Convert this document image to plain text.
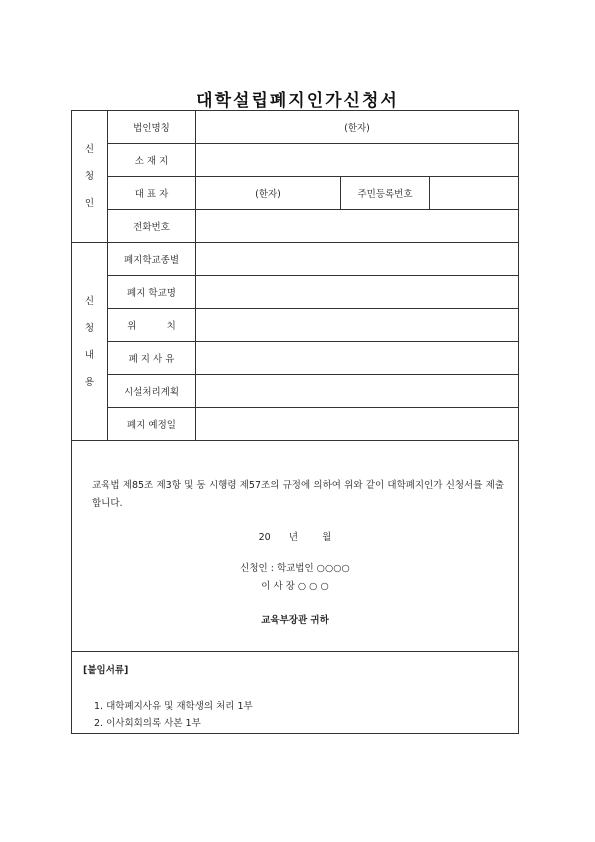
대학설립폐지인가신청서
신
청
인	법인명칭	(한자)		
	소 재 지			
	대 표 자	(한자)	주민등록번호	
	전화번호			

신
청
내
용	폐지학교종별			
	폐지 학교명			
	위          치			
	폐 지 사 유			
	시설처리계획			
	폐지 예정일			

교육법 제85조 제3항 및 동 시행령 제57조의 규정에 의하여 위와 같이 대학폐지인가 신청서를 제출합니다.
20      년        월
신청인 : 학교법인 ○○○○
이 사 장 ○ ○ ○
교육부장관 귀하				

[붙임서류]
1. 대학폐지사유 및 재학생의 처리 1부
2. 이사회회의록 사본 1부				
